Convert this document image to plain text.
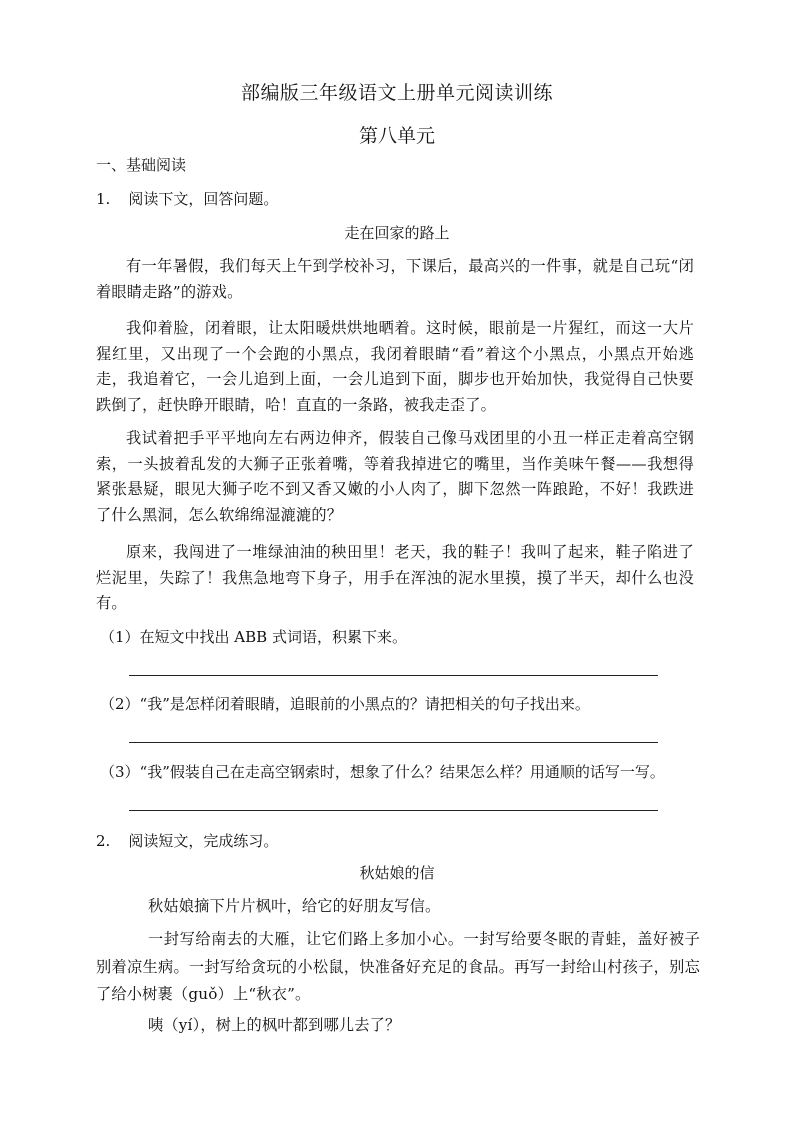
部编版三年级语文上册单元阅读训练
第八单元
一、基础阅读
1. 阅读下文，回答问题。
走在回家的路上
有一年暑假，我们每天上午到学校补习，下课后，最高兴的一件事，就是自己玩“闭着眼睛走路”的游戏。
我仰着脸，闭着眼，让太阳暖烘烘地晒着。这时候，眼前是一片猩红，而这一大片猩红里，又出现了一个会跑的小黑点，我闭着眼睛“看”着这个小黑点，小黑点开始逃走，我追着它，一会儿追到上面，一会儿追到下面，脚步也开始加快，我觉得自己快要跌倒了，赶快睁开眼睛，哈！直直的一条路，被我走歪了。
我试着把手平平地向左右两边伸齐，假装自己像马戏团里的小丑一样正走着高空钢索，一头披着乱发的大狮子正张着嘴，等着我掉进它的嘴里，当作美味午餐——我想得紧张悬疑，眼见大狮子吃不到又香又嫩的小人肉了，脚下忽然一阵踉跄，不好！我跌进了什么黑洞，怎么软绵绵湿漉漉的？
原来，我闯进了一堆绿油油的秧田里！老天，我的鞋子！我叫了起来，鞋子陷进了烂泥里，失踪了！我焦急地弯下身子，用手在浑浊的泥水里摸，摸了半天，却什么也没有。
（1）在短文中找出 ABB 式词语，积累下来。
（2）“我”是怎样闭着眼睛，追眼前的小黑点的？请把相关的句子找出来。
（3）“我”假装自己在走高空钢索时，想象了什么？结果怎么样？用通顺的话写一写。
2. 阅读短文，完成练习。
秋姑娘的信
秋姑娘摘下片片枫叶，给它的好朋友写信。
一封写给南去的大雁，让它们路上多加小心。一封写给要冬眠的青蛙，盖好被子别着凉生病。一封写给贪玩的小松鼠，快准备好充足的食品。再写一封给山村孩子，别忘了给小树裹（guǒ）上“秋衣”。
咦（yí），树上的枫叶都到哪儿去了？
